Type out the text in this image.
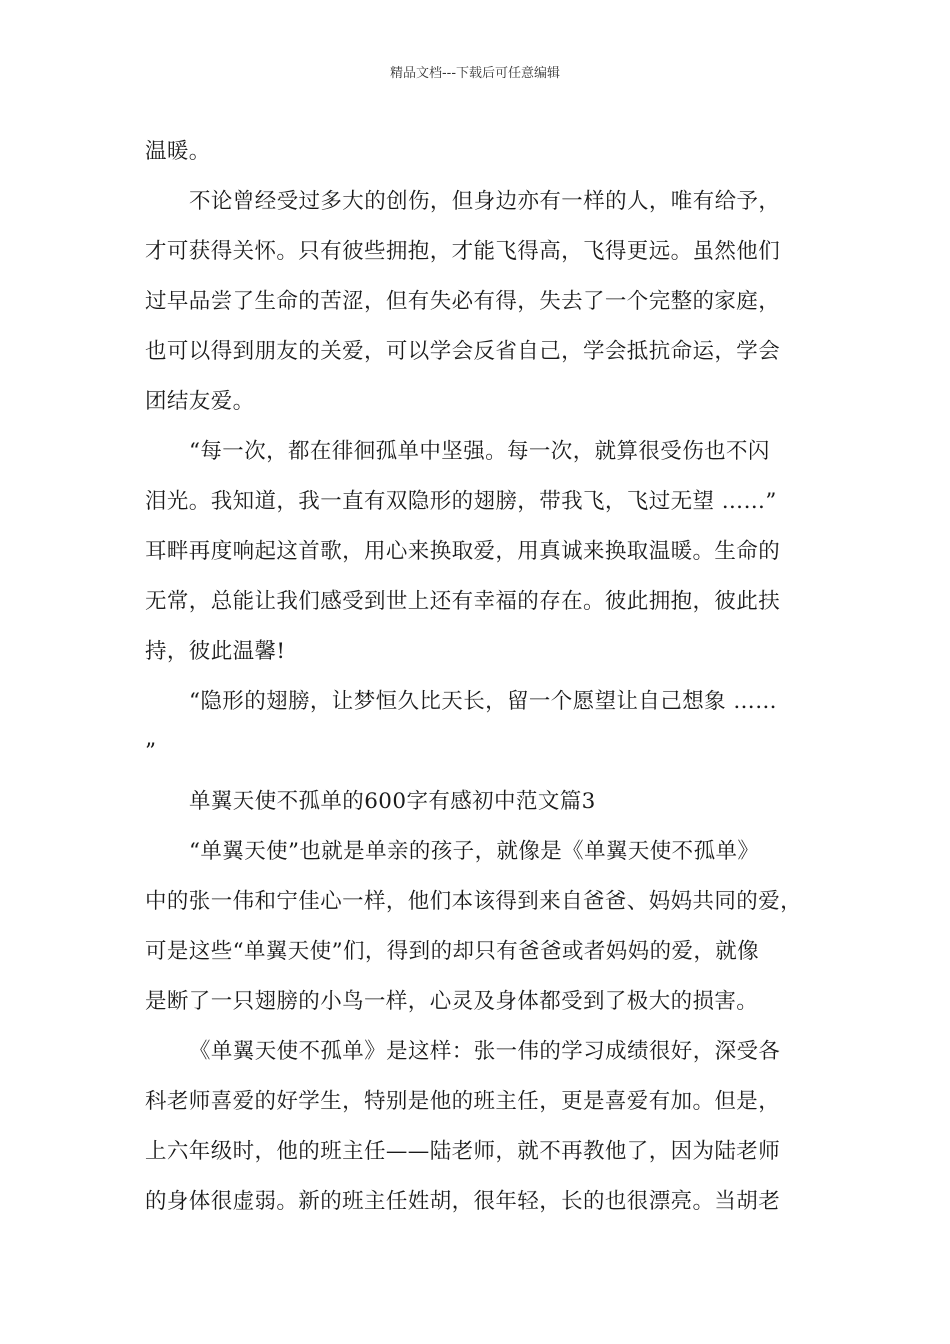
精品文档---下载后可任意编辑
温暖。
不论曾经受过多大的创伤，但身边亦有一样的人，唯有给予，
才可获得关怀。只有彼些拥抱，才能飞得高，飞得更远。虽然他们
过早品尝了生命的苦涩，但有失必有得，失去了一个完整的家庭，
也可以得到朋友的关爱，可以学会反省自己，学会抵抗命运，学会
团结友爱。
“每一次，都在徘徊孤单中坚强。每一次，就算很受伤也不闪
泪光。我知道，我一直有双隐形的翅膀，带我飞，飞过无望 ……”
耳畔再度响起这首歌，用心来换取爱，用真诚来换取温暖。生命的
无常，总能让我们感受到世上还有幸福的存在。彼此拥抱，彼此扶
持，彼此温馨!
“隐形的翅膀，让梦恒久比天长，留一个愿望让自己想象 ……
”
单翼天使不孤单的600字有感初中范文篇3
“单翼天使”也就是单亲的孩子，就像是《单翼天使不孤单》
中的张一伟和宁佳心一样，他们本该得到来自爸爸、妈妈共同的爱，
可是这些“单翼天使”们，得到的却只有爸爸或者妈妈的爱，就像
是断了一只翅膀的小鸟一样，心灵及身体都受到了极大的损害。
《单翼天使不孤单》是这样：张一伟的学习成绩很好，深受各
科老师喜爱的好学生，特别是他的班主任，更是喜爱有加。但是，
上六年级时，他的班主任——陆老师，就不再教他了，因为陆老师
的身体很虚弱。新的班主任姓胡，很年轻，长的也很漂亮。当胡老
